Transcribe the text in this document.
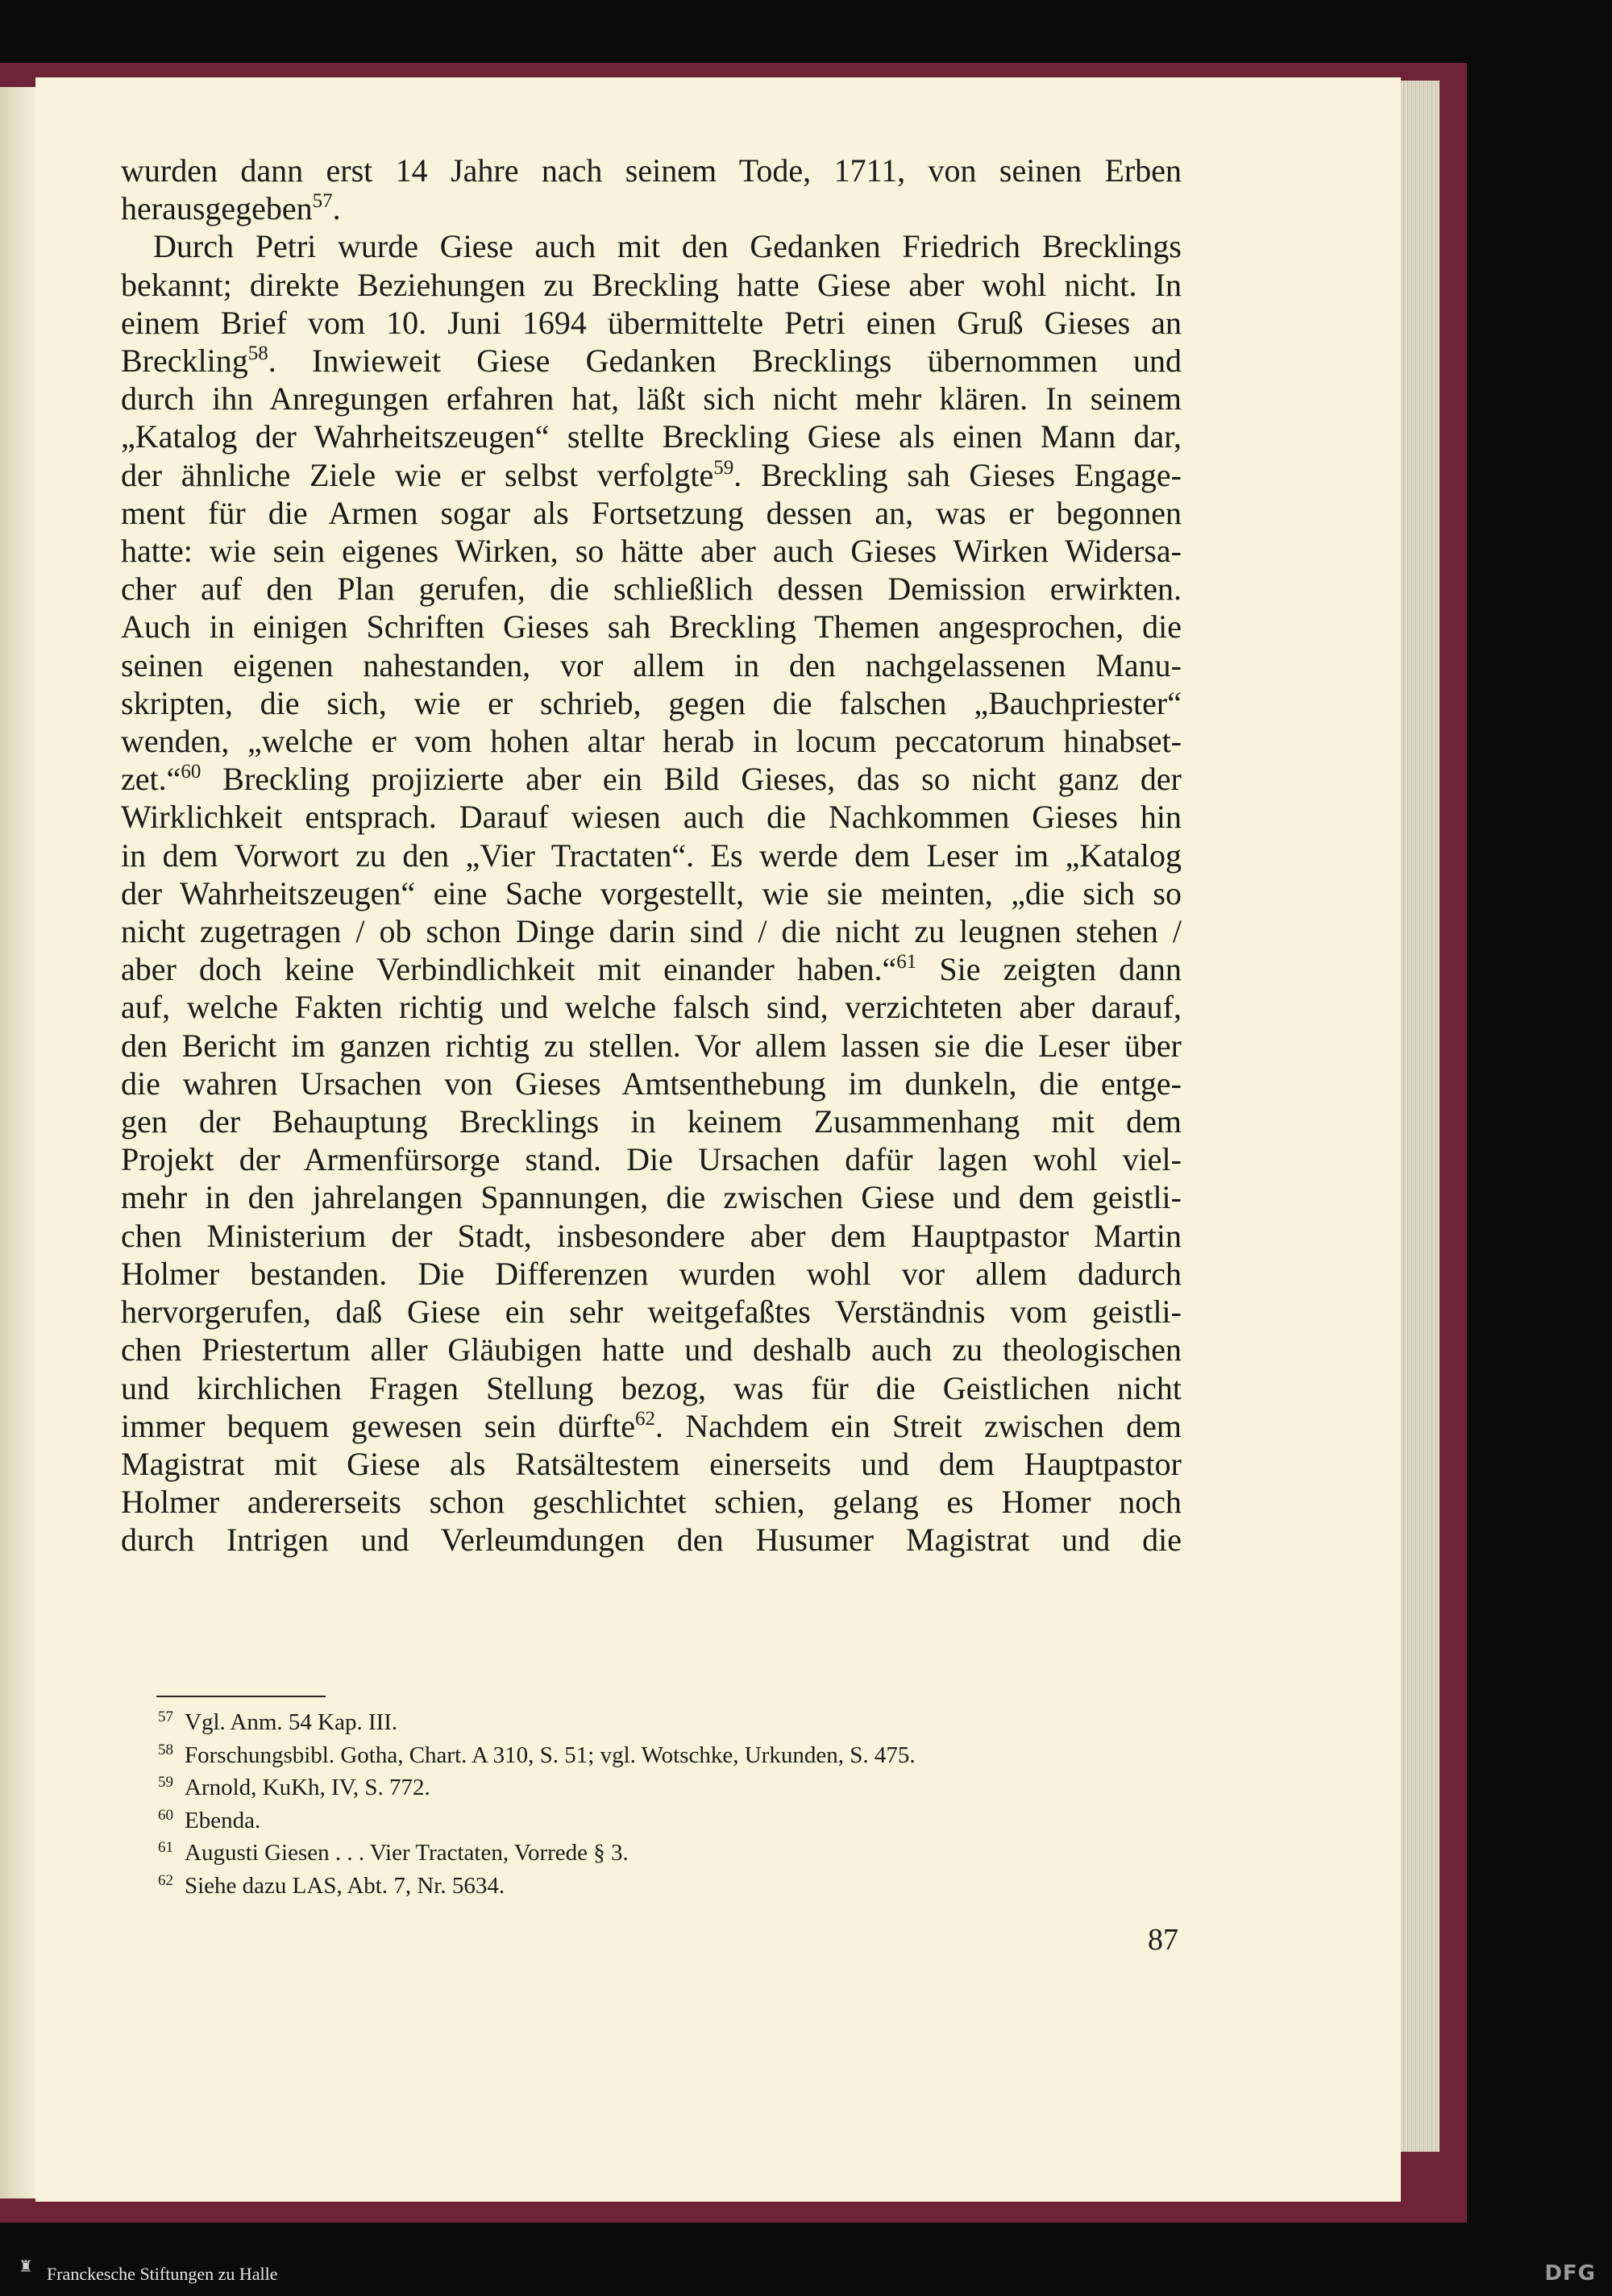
wurden dann erst 14 Jahre nach seinem Tode, 1711, von seinen Erben
herausgegeben$^{57}$.
Durch Petri wurde Giese auch mit den Gedanken Friedrich Brecklings
bekannt; direkte Beziehungen zu Breckling hatte Giese aber wohl nicht. In
einem Brief vom 10. Juni 1694 übermittelte Petri einen Gruß Gieses an
Breckling$^{58}$. Inwieweit Giese Gedanken Brecklings übernommen und
durch ihn Anregungen erfahren hat, läßt sich nicht mehr klären. In seinem
„Katalog der Wahrheitszeugen“ stellte Breckling Giese als einen Mann dar,
der ähnliche Ziele wie er selbst verfolgte$^{59}$. Breckling sah Gieses Engage-
ment für die Armen sogar als Fortsetzung dessen an, was er begonnen
hatte: wie sein eigenes Wirken, so hätte aber auch Gieses Wirken Widersa-
cher auf den Plan gerufen, die schließlich dessen Demission erwirkten.
Auch in einigen Schriften Gieses sah Breckling Themen angesprochen, die
seinen eigenen nahestanden, vor allem in den nachgelassenen Manu-
skripten, die sich, wie er schrieb, gegen die falschen „Bauchpriester“
wenden, „welche er vom hohen altar herab in locum peccatorum hinabset-
zet.“$^{60}$ Breckling projizierte aber ein Bild Gieses, das so nicht ganz der
Wirklichkeit entsprach. Darauf wiesen auch die Nachkommen Gieses hin
in dem Vorwort zu den „Vier Tractaten“. Es werde dem Leser im „Katalog
der Wahrheitszeugen“ eine Sache vorgestellt, wie sie meinten, „die sich so
nicht zugetragen / ob schon Dinge darin sind / die nicht zu leugnen stehen /
aber doch keine Verbindlichkeit mit einander haben.“$^{61}$ Sie zeigten dann
auf, welche Fakten richtig und welche falsch sind, verzichteten aber darauf,
den Bericht im ganzen richtig zu stellen. Vor allem lassen sie die Leser über
die wahren Ursachen von Gieses Amtsenthebung im dunkeln, die entge-
gen der Behauptung Brecklings in keinem Zusammenhang mit dem
Projekt der Armenfürsorge stand. Die Ursachen dafür lagen wohl viel-
mehr in den jahrelangen Spannungen, die zwischen Giese und dem geistli-
chen Ministerium der Stadt, insbesondere aber dem Hauptpastor Martin
Holmer bestanden. Die Differenzen wurden wohl vor allem dadurch
hervorgerufen, daß Giese ein sehr weitgefaßtes Verständnis vom geistli-
chen Priestertum aller Gläubigen hatte und deshalb auch zu theologischen
und kirchlichen Fragen Stellung bezog, was für die Geistlichen nicht
immer bequem gewesen sein dürfte$^{62}$. Nachdem ein Streit zwischen dem
Magistrat mit Giese als Ratsältestem einerseits und dem Hauptpastor
Holmer andererseits schon geschlichtet schien, gelang es Homer noch
durch Intrigen und Verleumdungen den Husumer Magistrat und die
$^{57}$ Vgl. Anm. 54 Kap. III.
$^{58}$ Forschungsbibl. Gotha, Chart. A 310, S. 51; vgl. Wotschke, Urkunden, S. 475.
$^{59}$ Arnold, KuKh, IV, S. 772.
$^{60}$ Ebenda.
$^{61}$ Augusti Giesen . . . Vier Tractaten, Vorrede § 3.
$^{62}$ Siehe dazu LAS, Abt. 7, Nr. 5634.
87
♜ Franckesche Stiftungen zu Halle	DFG
